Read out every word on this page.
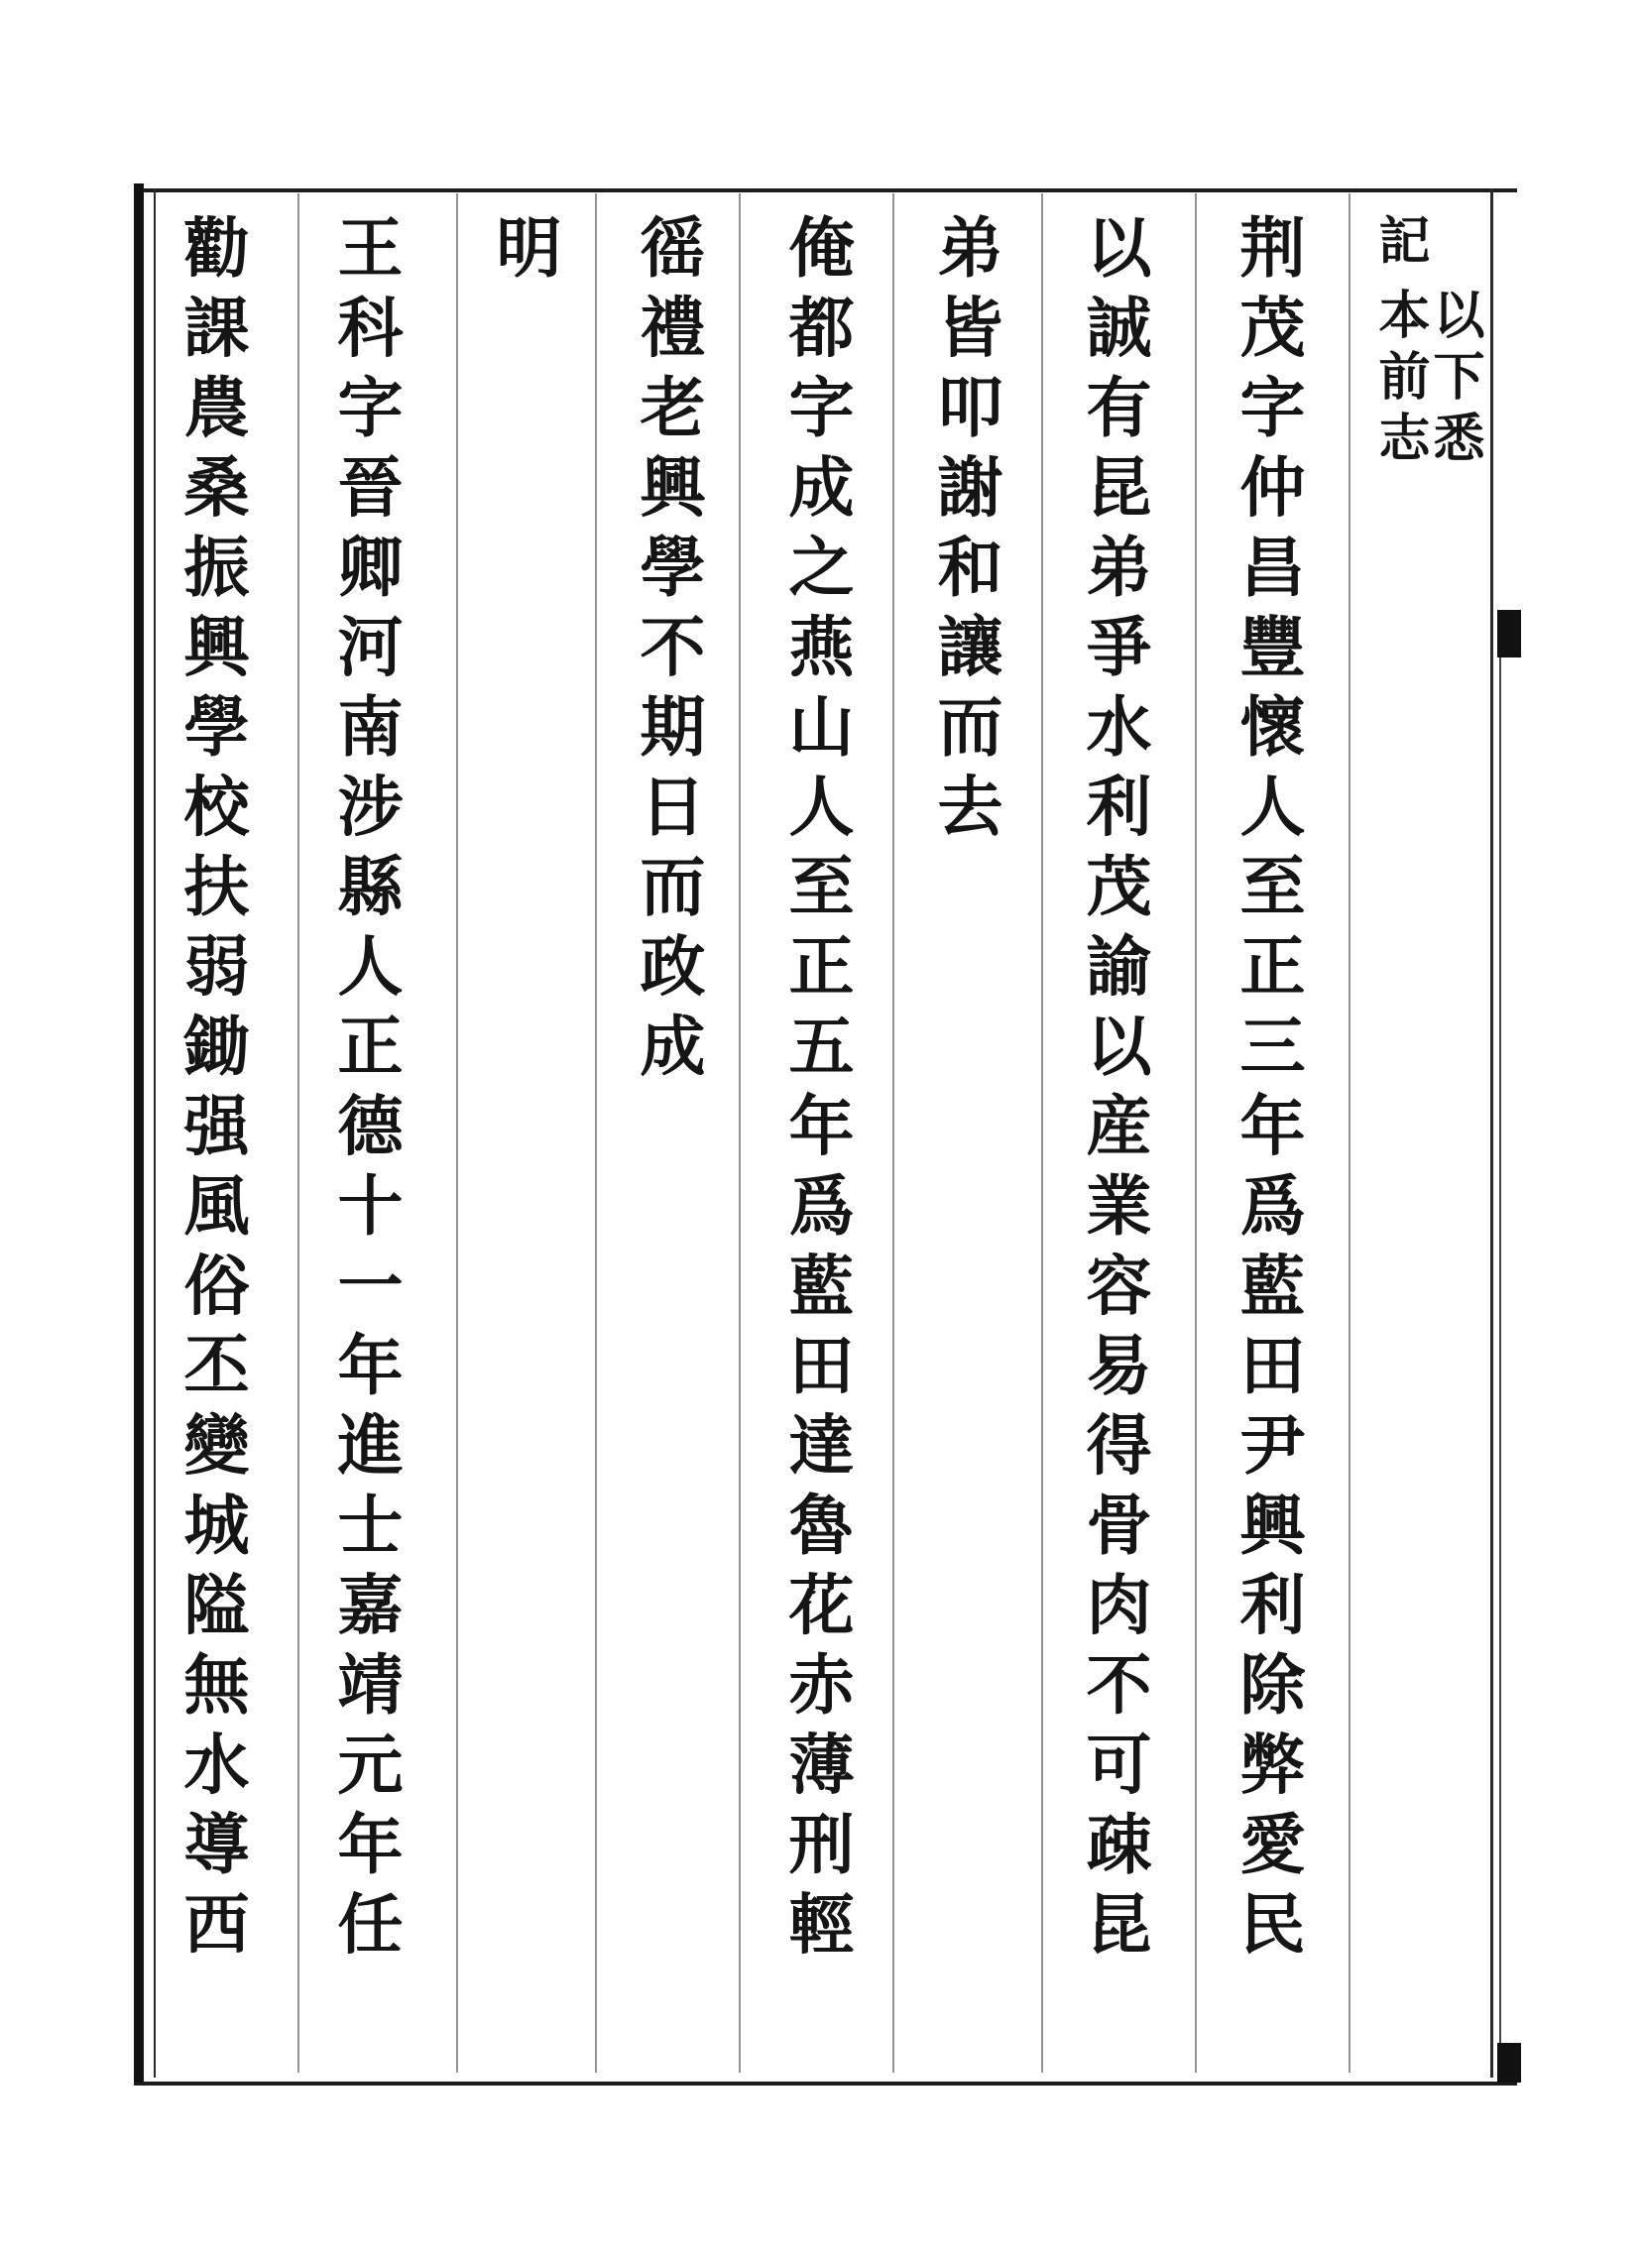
以下悉
本前志
記
荆茂字仲昌豐懷人至正三年爲藍田尹興利除弊愛民
以誠有昆弟爭水利茂諭以産業容易得骨肉不可疎昆
弟皆叩謝和讓而去
俺都字成之燕山人至正五年爲藍田達魯花赤薄刑輕
徭禮老興學不期日而政成
明
王科字晉卿河南涉縣人正德十一年進士嘉靖元年任
勸課農桑振興學校扶弱鋤强風俗丕變城隘無水導西
